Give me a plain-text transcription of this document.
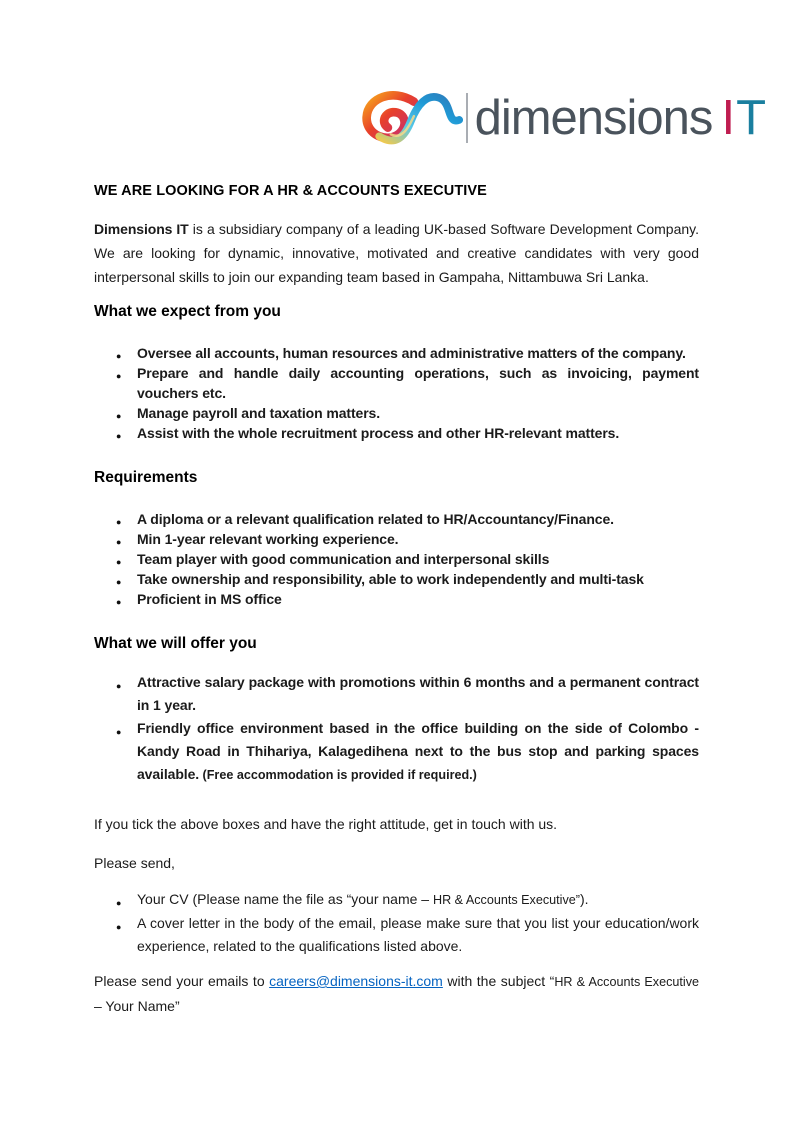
dimensions IT
WE ARE LOOKING FOR A HR & ACCOUNTS EXECUTIVE

Dimensions IT is a subsidiary company of a leading UK-based Software Development Company. We are looking for dynamic, innovative, motivated and creative candidates with very good interpersonal skills to join our expanding team based in Gampaha, Nittambuwa Sri Lanka.

What we expect from you
● Oversee all accounts, human resources and administrative matters of the company.
● Prepare and handle daily accounting operations, such as invoicing, payment vouchers etc.
● Manage payroll and taxation matters.
● Assist with the whole recruitment process and other HR-relevant matters.
Requirements
● A diploma or a relevant qualification related to HR/Accountancy/Finance.
● Min 1-year relevant working experience.
● Team player with good communication and interpersonal skills
● Take ownership and responsibility, able to work independently and multi-task
● Proficient in MS office
What we will offer you
● Attractive salary package with promotions within 6 months and a permanent contract in 1 year.
● Friendly office environment based in the office building on the side of Colombo - Kandy Road in Thihariya, Kalagedihena next to the bus stop and parking spaces available. (Free accommodation is provided if required.)

If you tick the above boxes and have the right attitude, get in touch with us.

Please send,

● Your CV (Please name the file as “your name – HR & Accounts Executive”).
● A cover letter in the body of the email, please make sure that you list your education/work experience, related to the qualifications listed above.

Please send your emails to careers@dimensions-it.com with the subject “HR & Accounts Executive – Your Name”
